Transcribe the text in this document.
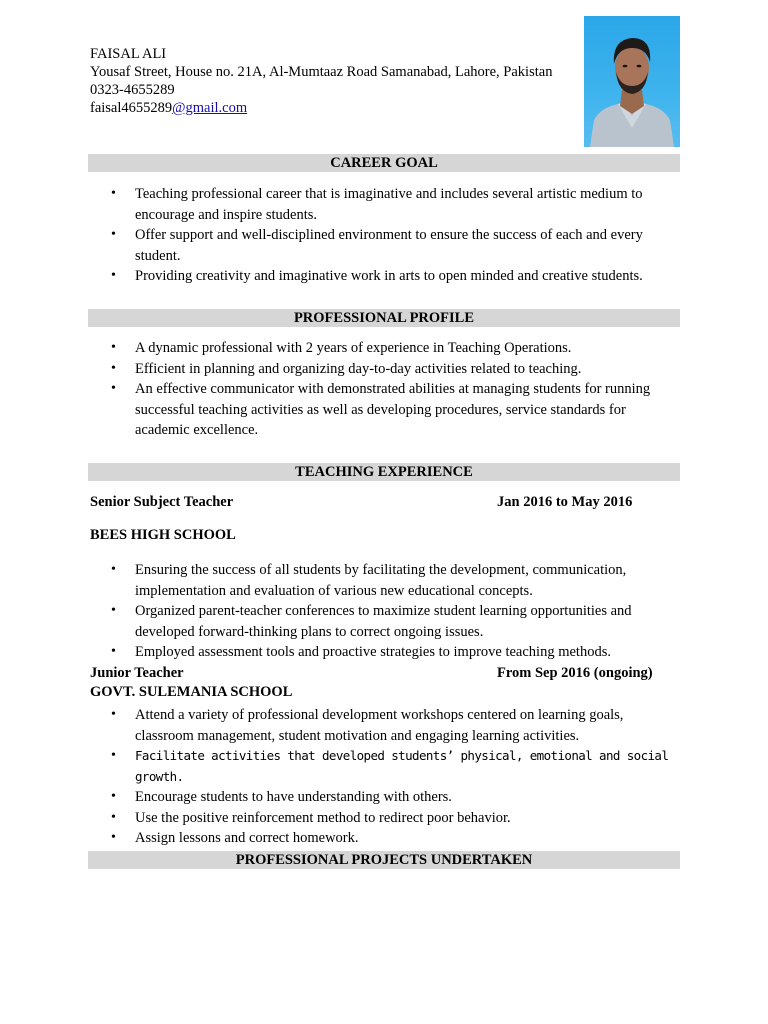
FAISAL ALI
Yousaf Street, House no. 21A, Al-Mumtaaz Road Samanabad, Lahore, Pakistan
0323-4655289
faisal4655289@gmail.com
CAREER GOAL
• Teaching professional career that is imaginative and includes several artistic medium to encourage and inspire students.
• Offer support and well-disciplined environment to ensure the success of each and every student.
• Providing creativity and imaginative work in arts to open minded and creative students.
PROFESSIONAL PROFILE
• A dynamic professional with 2 years of experience in Teaching Operations.
• Efficient in planning and organizing day-to-day activities related to teaching.
• An effective communicator with demonstrated abilities at managing students for running successful teaching activities as well as developing procedures, service standards for academic excellence.
TEACHING EXPERIENCE
Senior Subject Teacher	Jan 2016 to May 2016
BEES HIGH SCHOOL
• Ensuring the success of all students by facilitating the development, communication, implementation and evaluation of various new educational concepts.
• Organized parent-teacher conferences to maximize student learning opportunities and developed forward-thinking plans to correct ongoing issues.
• Employed assessment tools and proactive strategies to improve teaching methods.
Junior Teacher	From Sep 2016 (ongoing)
GOVT. SULEMANIA SCHOOL
• Attend a variety of professional development workshops centered on learning goals, classroom management, student motivation and engaging learning activities.
• Facilitate activities that developed students’ physical, emotional and social growth.
• Encourage students to have understanding with others.
• Use the positive reinforcement method to redirect poor behavior.
• Assign lessons and correct homework.
PROFESSIONAL PROJECTS UNDERTAKEN
